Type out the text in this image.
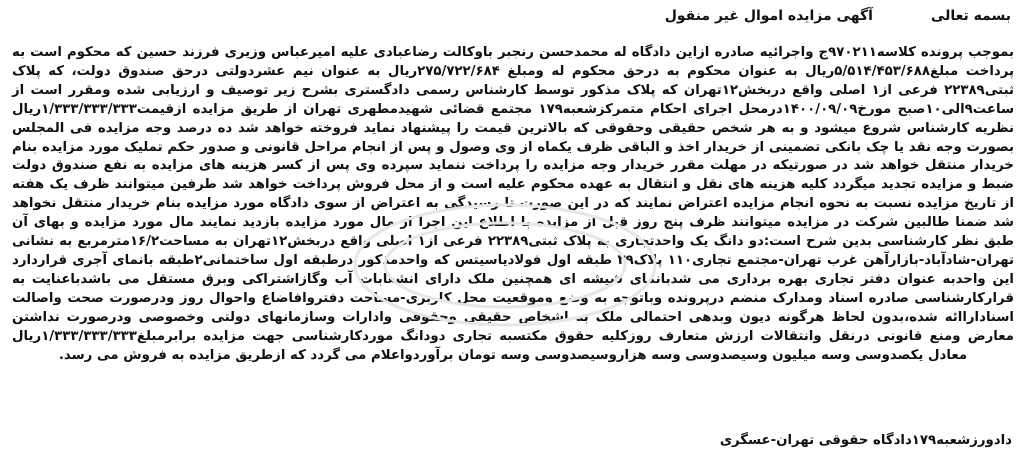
بسمه تعالی
آگهی مزایده اموال غیر منقول
بموجب پرونده کلاسه۹۷۰۲۱۱ج واجرائیه صادره ازاین دادگاه له محمدحسن رنجبر باوکالت رضاعبادی علیه امیرعباس وزیری فرزند حسین که محکوم است به پرداخت مبلغ۵/۵۱۴/۴۵۳/۶۸۸ریال به عنوان محکوم به درحق محکوم له ومبلغ ۲۷۵/۷۲۲/۶۸۴ریال به عنوان نیم عشردولتی درحق صندوق دولت، که پلاک ثبتی۲۲۳۸۹ فرعی از۱ اصلی واقع دربخش۱۲تهران که پلاک مذکور توسط کارشناس رسمی دادگستری بشرح زیر توصیف و ارزیابی شده ومقرر است از ساعت۹الی۱۰صبح مورخ۱۴۰۰/۰۹/۰۹درمحل اجرای احکام متمرکزشعبه۱۷۹ مجتمع قضائی شهیدمطهری تهران از طریق مزایده ازقیمت۱/۳۳۳/۳۳۳/۳۳۳ریال نظریه کارشناس شروع میشود و به هر شخص حقیقی وحقوقی که بالاترین قیمت را پیشنهاد نماید فروخته خواهد شد ده درصد وجه مزایده فی المجلس بصورت وجه نقد یا چک بانکی تضمینی از خریدار اخذ و الباقی ظرف یکماه از وی وصول و پس از انجام مراحل قانونی و صدور حکم تملیک مورد مزایده بنام خریدار منتقل خواهد شد در صورتیکه در مهلت مقرر خریدار وجه مزایده را پرداخت ننماید سپرده وی پس از کسر هزینه های مزایده به نفع صندوق دولت ضبط و مزایده تجدید میگردد کلیه هزینه های نقل و انتقال به عهده محکوم علیه است و از محل فروش پرداخت خواهد شد طرفین میتوانند ظرف یک هفته از تاریخ مزایده نسبت به نحوه انجام مزایده اعتراض نمایند که در این صورت تا رسیدگی به اعتراض از سوی دادگاه مورد مزایده بنام خریدار منتقل نخواهد شد ضمنا طالبین شرکت در مزایده میتوانند ظرف پنج روز قبل از مزایده با اطلاع این اجرا از مال مورد مزایده بازدید نمایند مال مورد مزایده و بهای آن طبق نظر کارشناسی بدین شرح است:دو دانگ یک واحدتجاری به پلاک ثبتی۲۲۳۸۹ فرعی از۱ اصلی واقع دربخش۱۲تهران به مساحت۱۶/۲مترمربع به نشانی تهران-شادآباد-بازارآهن غرب تهران-مجتمع تجاری۱۱۰ پلاک۳۹ طبقه اول فولادیاسیتس که واحدمذکور درطبقه اول ساختمانی۲طبقه بانمای آجری قراردارد این واحدبه عنوان دفتر تجاری بهره برداری می شدبانمای شیشه ای همچنین ملک دارای انشعابات آب وگازاشتراکی وبرق مستقل می باشدباعنایت به قرارکارشناسی صادره اسناد ومدارک منضم درپرونده وباتوجه به وضع وموقعیت محل کاربری-مساحت دفتروافاضاع واحوال روز ودرصورت صحت واصالت اسناداراائه شده،بدون لحاظ هرگونه دیون وبدهی احتمالی ملک به اشخاص حقیقی وحقوقی وادارات وسازمانهای دولتی وخصوصی ودرصورت نداشتن معارض ومنع قانونی درنقل وانتقالات ارزش متعارف روزکلیه حقوق مکتسبه تجاری دودانگ موردکارشناسی جهت مزایده برابرمبلغ۱/۳۳۳/۳۳۳/۳۳۳ریال معادل یکصدوسی وسه میلیون وسیصدوسی وسه هزاروسیصدوسی وسه تومان برآوردواعلام می گردد که ازطریق مزایده به فروش می رسد.
دادورزشعبه۱۷۹دادگاه حقوقی تهران-عسگری
